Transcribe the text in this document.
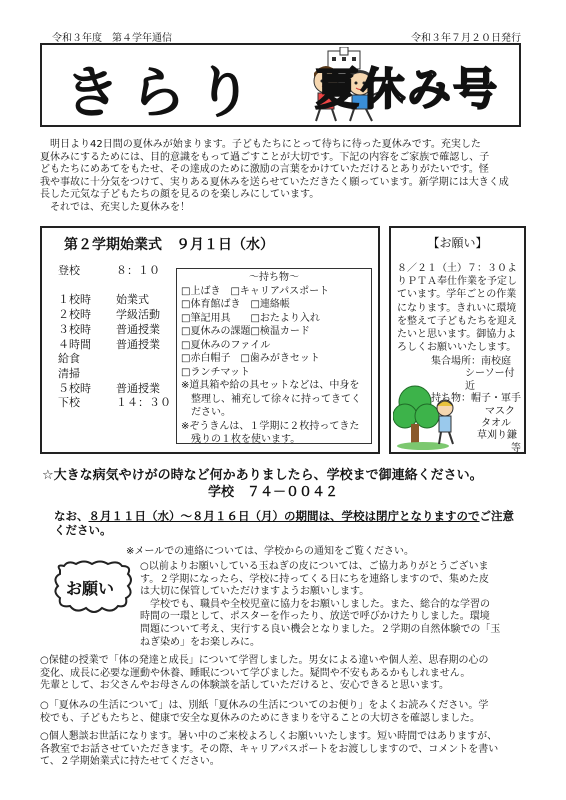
令和３年度　第４学年通信	令和３年７月２０日発行
きらり 夏休み号

　明日より42日間の夏休みが始まります。子どもたちにとって待ちに待った夏休みです。充実した

夏休みにするためには、目的意識をもって過ごすことが大切です。下記の内容をご家族で確認し、子

どもたちにめあてをもたせ、その達成のために激励の言葉をかけていただけるとありがたいです。怪

我や事故に十分気をつけて、実りある夏休みを送らせていただきたく願っています。新学期には大きく成

長した元気な子どもたちの顔を見るのを楽しみにしています。

　それでは、充実した夏休みを！

第２学期始業式　９月１日（水）
登校	８：１０
１校時	始業式
２校時	学級活動
３校時	普通授業
４時間	普通授業
給食
清掃
５校時	普通授業
下校	１４：３０
～持ち物～
□上ばき　□キャリアパスポート
□体育館ばき　□連絡帳
□筆記用具　　□おたより入れ
□夏休みの課題□検温カード
□夏休みのファイル
□赤白帽子　□歯みがきセット
□ランチマット
※道具箱や給の具セットなどは、中身を整理し、補充して徐々に持ってきてください。
※ぞうきんは、１学期に２枚持ってきた残りの１枚を使います。
【お願い】
８／２１（土）７：３０よりＰＴＡ奉仕作業を予定しています。学年ごとの作業になります。きれいに環境を整えて子どもたちを迎えたいと思います。御協力よろしくお願いいたします。
集合場所：南校庭
シーソー付近
持ち物：帽子・軍手
マスク
タオル
草刈り鎌
等
☆大きな病気やけがの時など何かありましたら、学校まで御連絡ください。
学校　７４－００４２
なお、８月１１日（水）～８月１６日（月）の期間は、学校は閉庁となりますのでご注意ください。
※メールでの連絡については、学校からの通知をご覧ください。
お願い

○以前よりお願いしている玉ねぎの皮については、ご協力ありがとうございま

す。２学期になったら、学校に持ってくる日にちを連絡しますので、集めた皮

は大切に保管していただけますようお願いします。

　学校でも、職員や全校児童に協力をお願いしました。また、総合的な学習の

時間の一環として、ポスターを作ったり、放送で呼びかけたりしました。環境

問題について考え、実行する良い機会となりました。２学期の自然体験での「玉

ねぎ染め」をお楽しみに。

○保健の授業で「体の発達と成長」について学習しました。男女による違いや個人差、思春期の心の

変化、成長に必要な運動や休養、睡眠について学びました。疑問や不安もあるかもしれません。

先輩として、お父さんやお母さんの体験談を話していただけると、安心できると思います。

○「夏休みの生活について」は、別紙「夏休みの生活についてのお便り」をよくお読みください。学

校でも、子どもたちと、健康で安全な夏休みのためにきまりを守ることの大切さを確認しました。

○個人懇談お世話になります。暑い中のご来校よろしくお願いいたします。短い時間ではありますが、

各教室でお話させていただきます。その際、キャリアパスポートをお渡ししますので、コメントを書い

て、２学期始業式に持たせてください。
